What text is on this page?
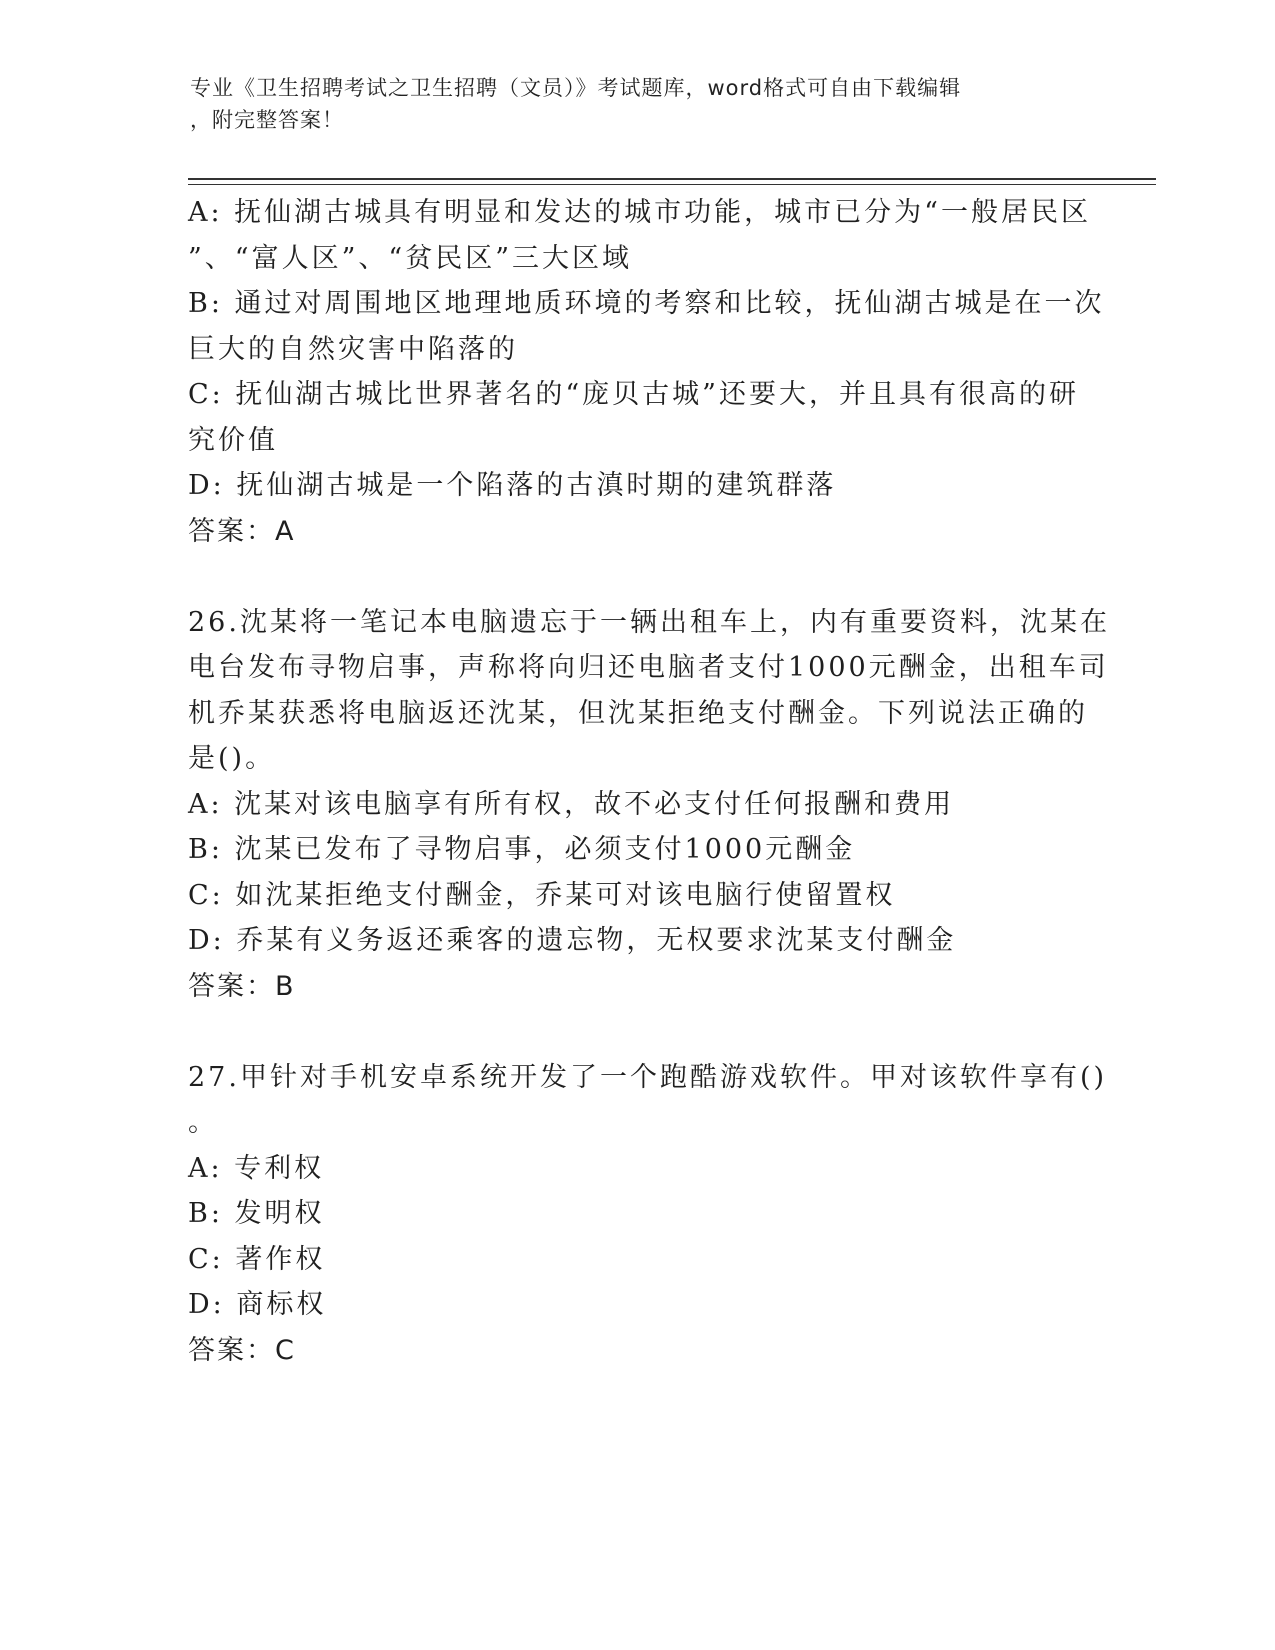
专业《卫生招聘考试之卫生招聘（文员）》考试题库，word格式可自由下载编辑
，附完整答案！
A: 抚仙湖古城具有明显和发达的城市功能，城市已分为“一般居民区
”、“富人区”、“贫民区”三大区域
B: 通过对周围地区地理地质环境的考察和比较，抚仙湖古城是在一次
巨大的自然灾害中陷落的
C: 抚仙湖古城比世界著名的“庞贝古城”还要大，并且具有很高的研
究价值
D: 抚仙湖古城是一个陷落的古滇时期的建筑群落
答案：A
26.沈某将一笔记本电脑遗忘于一辆出租车上，内有重要资料，沈某在
电台发布寻物启事，声称将向归还电脑者支付1000元酬金，出租车司
机乔某获悉将电脑返还沈某，但沈某拒绝支付酬金。下列说法正确的
是()。
A: 沈某对该电脑享有所有权，故不必支付任何报酬和费用
B: 沈某已发布了寻物启事，必须支付1000元酬金
C: 如沈某拒绝支付酬金，乔某可对该电脑行使留置权
D: 乔某有义务返还乘客的遗忘物，无权要求沈某支付酬金
答案：B
27.甲针对手机安卓系统开发了一个跑酷游戏软件。甲对该软件享有()
。
A: 专利权
B: 发明权
C: 著作权
D: 商标权
答案：C
